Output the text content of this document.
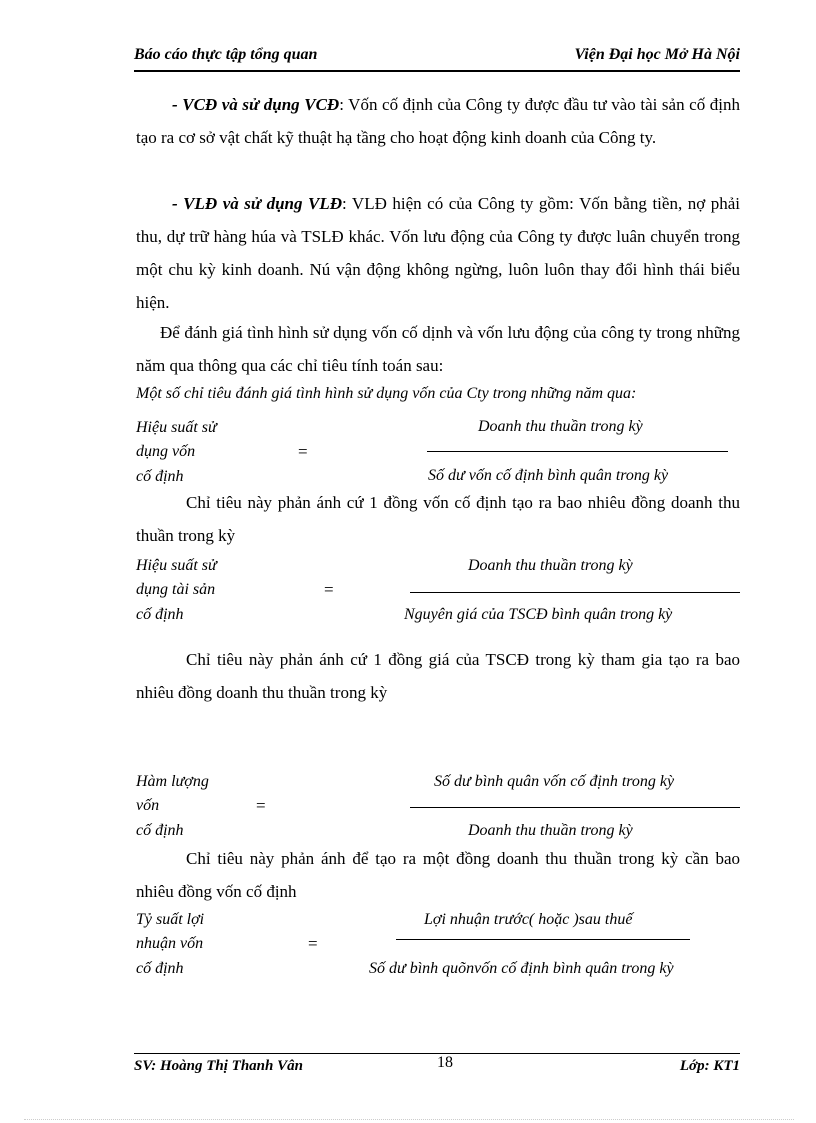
Báo cáo thực tập tổng quan	Viện Đại học Mở Hà Nội

- VCĐ và sử dụng VCĐ: Vốn cố định của Công ty được đầu tư vào tài sản cố định tạo ra cơ sở vật chất kỹ thuật hạ tầng cho hoạt động kinh doanh của Công ty.

- VLĐ và sử dụng VLĐ: VLĐ hiện có của Công ty gồm: Vốn bằng tiền, nợ phải thu, dự trữ hàng húa và TSLĐ khác. Vốn lưu động của Công ty được luân chuyển trong một chu kỳ kinh doanh. Nú vận động không ngừng, luôn luôn thay đổi hình thái biểu hiện.

Để đánh giá tình hình sử dụng vốn cố dịnh và vốn lưu động của công ty trong những năm qua thông qua các chỉ tiêu tính toán sau:

Một số chỉ tiêu đánh giá tình hình sử dụng vốn của Cty trong những năm qua:
Hiệu suất sử
dụng vốn
cố định
=
Doanh thu thuần trong kỳ
Số dư vốn cố định bình quân trong kỳ

Chỉ tiêu này phản ánh cứ 1 đồng vốn cố định tạo ra bao nhiêu đồng doanh thu thuần trong kỳ

Hiệu suất sử
dụng tài sản
cố định
=
Doanh thu thuần trong kỳ
Nguyên giá của TSCĐ bình quân trong kỳ

Chỉ tiêu này phản ánh cứ 1 đồng giá của TSCĐ trong kỳ tham gia tạo ra bao nhiêu đồng doanh thu thuần trong kỳ

Hàm lượng
vốn
cố định
=
Số dư bình quân vốn cố định trong kỳ
Doanh thu thuần trong kỳ

Chỉ tiêu này phản ánh để tạo ra một đồng doanh thu thuần trong kỳ cần bao nhiêu đồng vốn cố định

Tỷ suất lợi
nhuận vốn
cố định
=
Lợi nhuận trước( hoặc )sau thuế
Số dư bình quõnvốn cố định bình quân trong kỳ
SV: Hoàng Thị Thanh Vân	18	Lớp: KT1
